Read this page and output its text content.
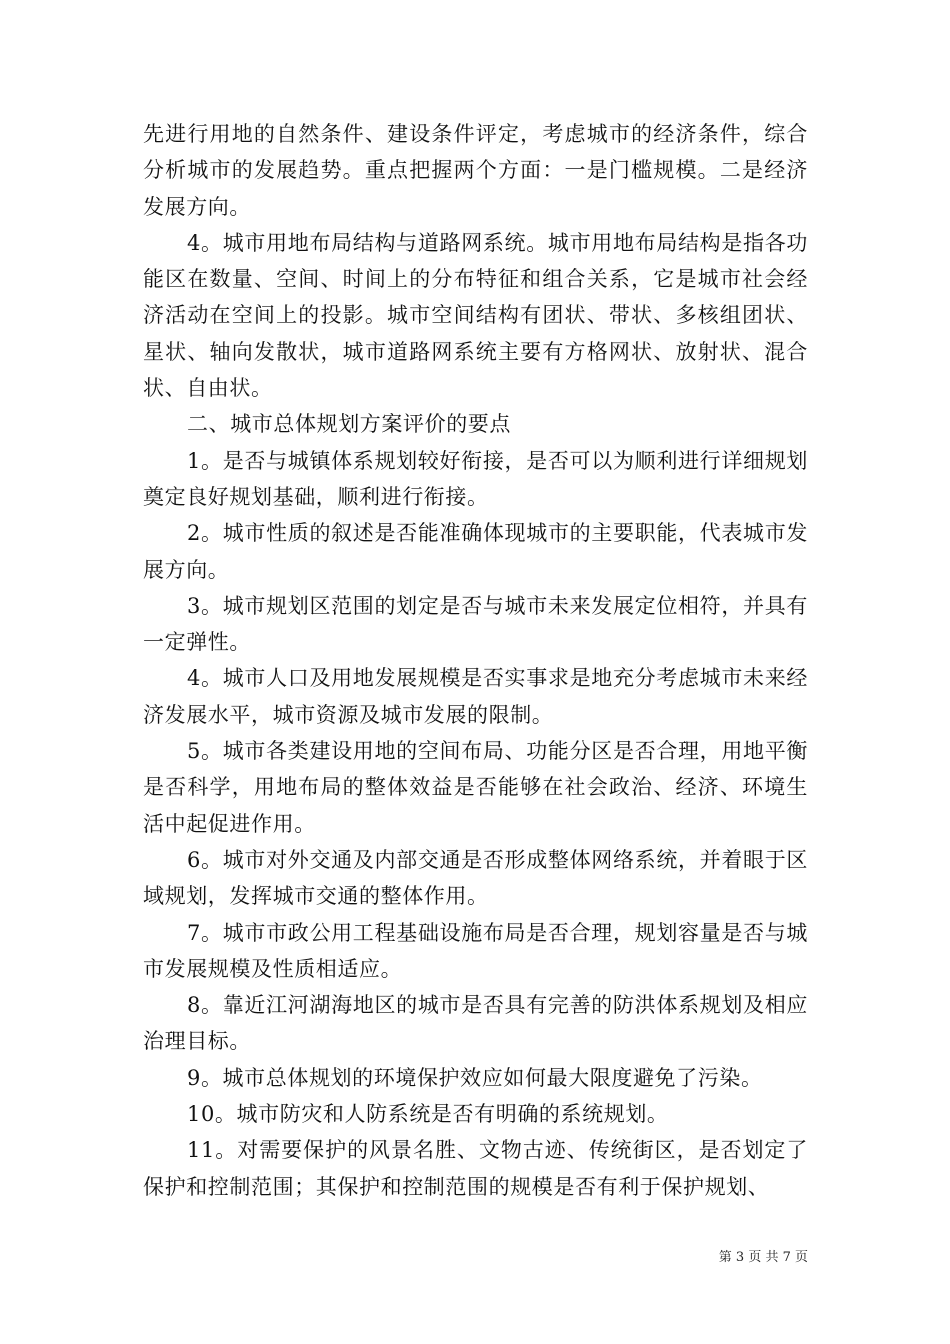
先进行用地的自然条件、建设条件评定，考虑城市的经济条件，综合分析城市的发展趋势。重点把握两个方面：一是门槛规模。二是经济发展方向。

4。城市用地布局结构与道路网系统。城市用地布局结构是指各功能区在数量、空间、时间上的分布特征和组合关系，它是城市社会经济活动在空间上的投影。城市空间结构有团状、带状、多核组团状、星状、轴向发散状，城市道路网系统主要有方格网状、放射状、混合状、自由状。

二、城市总体规划方案评价的要点

1。是否与城镇体系规划较好衔接，是否可以为顺利进行详细规划奠定良好规划基础，顺利进行衔接。

2。城市性质的叙述是否能准确体现城市的主要职能，代表城市发展方向。

3。城市规划区范围的划定是否与城市未来发展定位相符，并具有一定弹性。

4。城市人口及用地发展规模是否实事求是地充分考虑城市未来经济发展水平，城市资源及城市发展的限制。

5。城市各类建设用地的空间布局、功能分区是否合理，用地平衡是否科学，用地布局的整体效益是否能够在社会政治、经济、环境生活中起促进作用。

6。城市对外交通及内部交通是否形成整体网络系统，并着眼于区域规划，发挥城市交通的整体作用。

7。城市市政公用工程基础设施布局是否合理，规划容量是否与城市发展规模及性质相适应。

8。靠近江河湖海地区的城市是否具有完善的防洪体系规划及相应治理目标。

9。城市总体规划的环境保护效应如何最大限度避免了污染。

10。城市防灾和人防系统是否有明确的系统规划。

11。对需要保护的风景名胜、文物古迹、传统街区，是否划定了保护和控制范围；其保护和控制范围的规模是否有利于保护规划、

第 3 页 共 7 页
